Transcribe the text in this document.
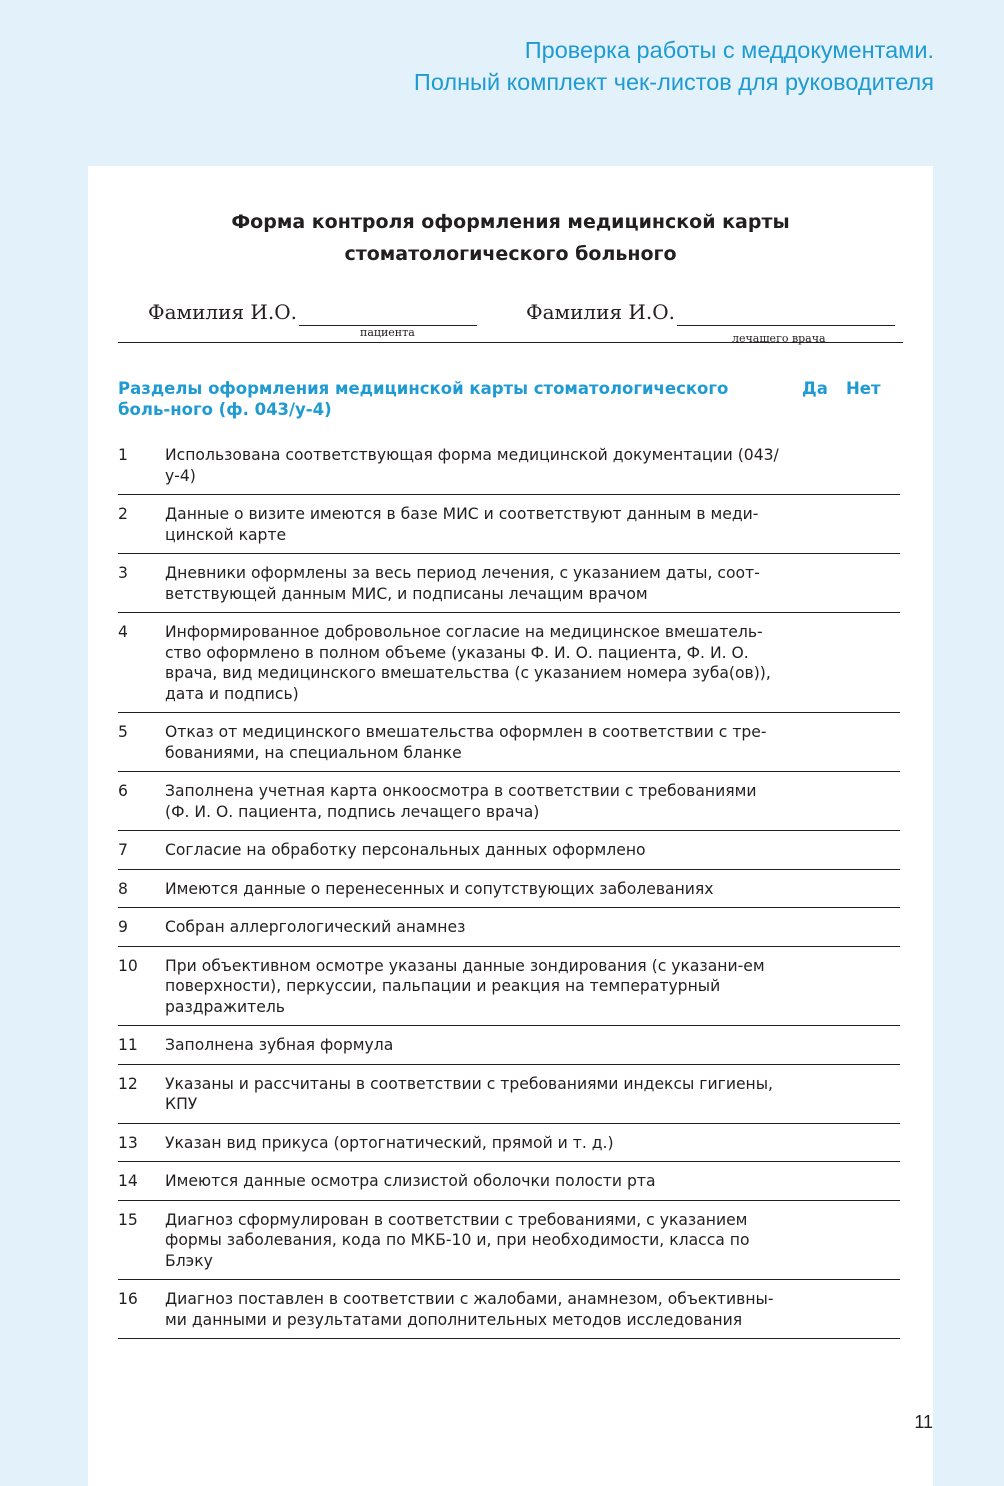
Проверка работы с меддокументами.
Полный комплект чек-листов для руководителя
Форма контроля оформления медицинской карты
стоматологического больного
Фамилия И.О.
пациента
Фамилия И.О.
лечащего врача
Разделы оформления медицинской карты стоматологического боль-ного (ф. 043/у-4)
Да Нет
1	Использована соответствующая форма медицинской документации (043/у-4)
2	Данные о визите имеются в базе МИС и соответствуют данным в меди-цинской карте
3	Дневники оформлены за весь период лечения, с указанием даты, соот-ветствующей данным МИС, и подписаны лечащим врачом
4	Информированное добровольное согласие на медицинское вмешатель-ство оформлено в полном объеме (указаны Ф. И. О. пациента, Ф. И. О. врача, вид медицинского вмешательства (с указанием номера зуба(ов)), дата и подпись)
5	Отказ от медицинского вмешательства оформлен в соответствии с тре-бованиями, на специальном бланке
6	Заполнена учетная карта онкоосмотра в соответствии с требованиями (Ф. И. О. пациента, подпись лечащего врача)
7	Согласие на обработку персональных данных оформлено
8	Имеются данные о перенесенных и сопутствующих заболеваниях
9	Собран аллергологический анамнез
10	При объективном осмотре указаны данные зондирования (с указани-ем поверхности), перкуссии, пальпации и реакция на температурный раздражитель
11	Заполнена зубная формула
12	Указаны и рассчитаны в соответствии с требованиями индексы гигиены, КПУ
13	Указан вид прикуса (ортогнатический, прямой и т. д.)
14	Имеются данные осмотра слизистой оболочки полости рта
15	Диагноз сформулирован в соответствии с требованиями, с указанием формы заболевания, кода по МКБ-10 и, при необходимости, класса по Блэку
16	Диагноз поставлен в соответствии с жалобами, анамнезом, объективны-ми данными и результатами дополнительных методов исследования
11
